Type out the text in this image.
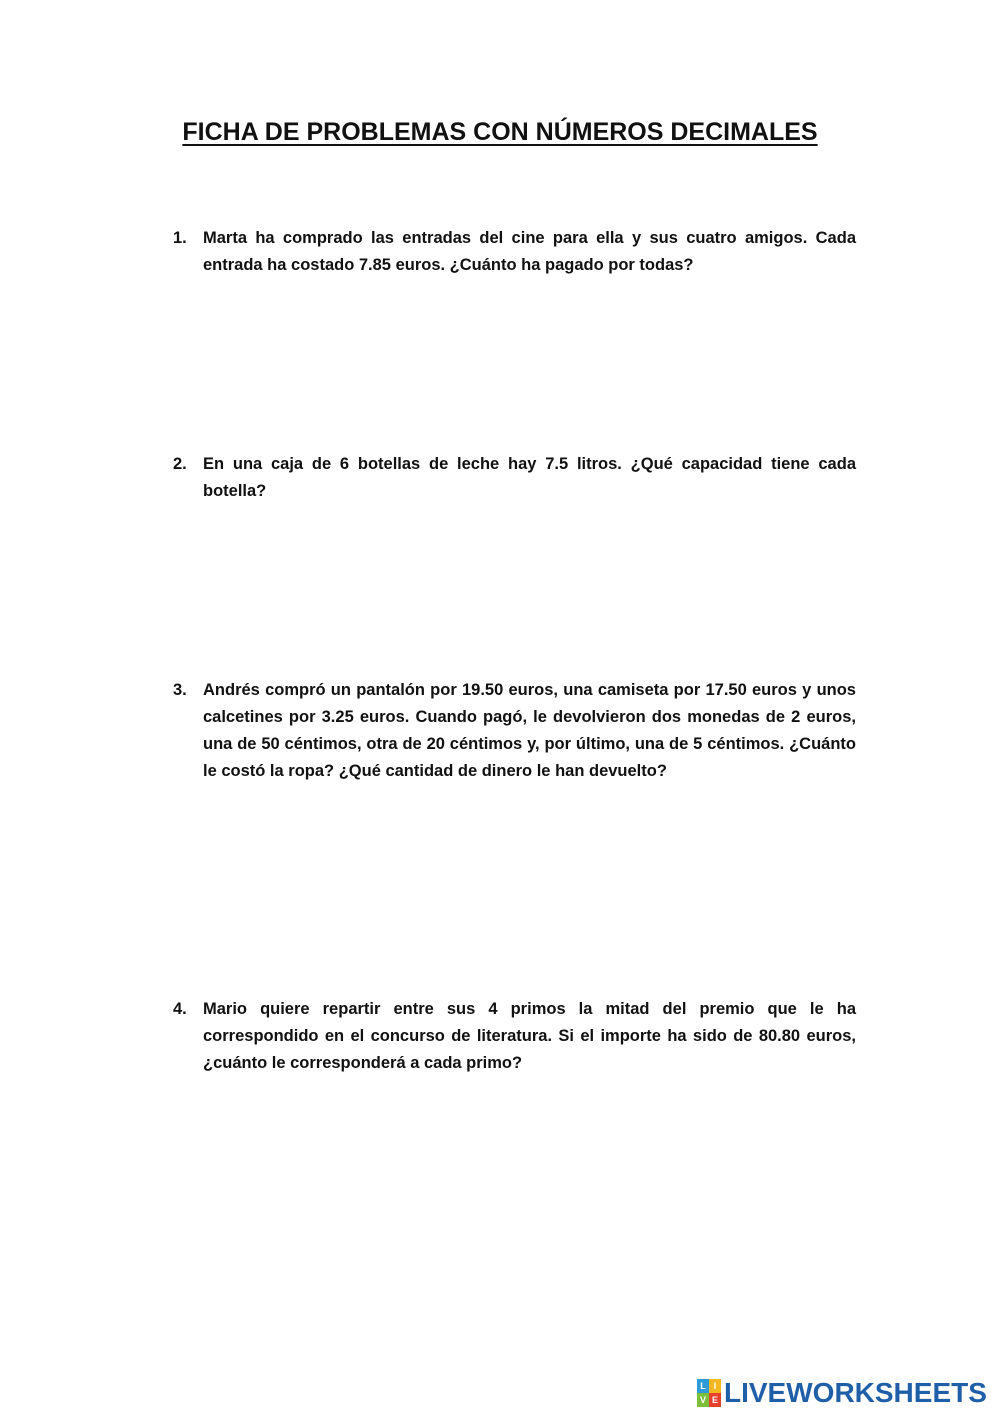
FICHA DE PROBLEMAS CON NÚMEROS DECIMALES
1. Marta ha comprado las entradas del cine para ella y sus cuatro amigos. Cada entrada ha costado 7.85 euros. ¿Cuánto ha pagado por todas?
2. En una caja de 6 botellas de leche hay 7.5 litros. ¿Qué capacidad tiene cada botella?
3. Andrés compró un pantalón por 19.50 euros, una camiseta por 17.50 euros y unos calcetines por 3.25 euros. Cuando pagó, le devolvieron dos monedas de 2 euros, una de 50 céntimos, otra de 20 céntimos y, por último, una de 5 céntimos. ¿Cuánto le costó la ropa? ¿Qué cantidad de dinero le han devuelto?
4. Mario quiere repartir entre sus 4 primos la mitad del premio que le ha correspondido en el concurso de literatura. Si el importe ha sido de 80.80 euros, ¿cuánto le corresponderá a cada primo?
L I
V E LIVEWORKSHEETS
